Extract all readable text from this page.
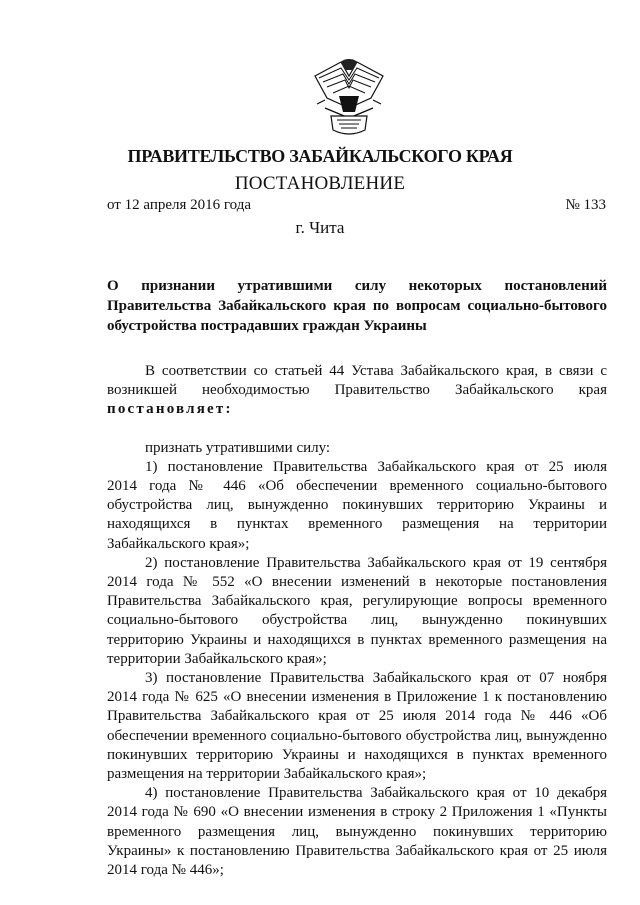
ПРАВИТЕЛЬСТВО ЗАБАЙКАЛЬСКОГО КРАЯ
ПОСТАНОВЛЕНИЕ
от 12 апреля 2016 года	№ 133
г. Чита

О признании утратившими силу некоторых постановлений

Правительства Забайкальского края по вопросам социально-бытового

обустройства пострадавших граждан Украины

В соответствии со статьей 44 Устава Забайкальского края, в связи с

возникшей необходимостью Правительство Забайкальского края

постановляет:

признать утратившими силу:

1) постановление Правительства Забайкальского края от 25 июля

2014 года № 446 «Об обеспечении временного социально-бытового

обустройства лиц, вынужденно покинувших территорию Украины и

находящихся в пунктах временного размещения на территории

Забайкальского края»;

2) постановление Правительства Забайкальского края от 19 сентября

2014 года № 552 «О внесении изменений в некоторые постановления

Правительства Забайкальского края, регулирующие вопросы временного

социально-бытового обустройства лиц, вынужденно покинувших

территорию Украины и находящихся в пунктах временного размещения на

территории Забайкальского края»;

3) постановление Правительства Забайкальского края от 07 ноября

2014 года № 625 «О внесении изменения в Приложение 1 к постановлению

Правительства Забайкальского края от 25 июля 2014 года № 446 «Об

обеспечении временного социально-бытового обустройства лиц, вынужденно

покинувших территорию Украины и находящихся в пунктах временного

размещения на территории Забайкальского края»;

4) постановление Правительства Забайкальского края от 10 декабря

2014 года № 690 «О внесении изменения в строку 2 Приложения 1 «Пункты

временного размещения лиц, вынужденно покинувших территорию

Украины» к постановлению Правительства Забайкальского края от 25 июля

2014 года № 446»;
